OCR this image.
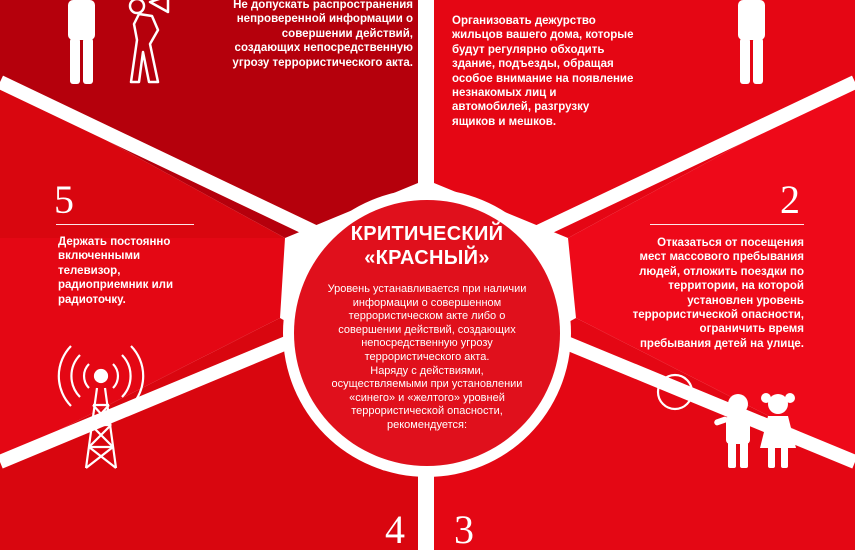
Не допускать распространения
непроверенной информации о
совершении действий,
создающих непосредственную
угрозу террористического акта.

Организовать дежурство
жильцов вашего дома, которые
будут регулярно обходить
здание, подъезды, обращая
особое внимание на появление
незнакомых лиц и
автомобилей, разгрузку
ящиков и мешков.

5

Держать постоянно
включенными
телевизор,
радиоприемник или
радиоточку.

2

Отказаться от посещения
мест массового пребывания
людей, отложить поездки по
территории, на которой
установлен уровень
террористической опасности,
ограничить время
пребывания детей на улице.

4 3

КРИТИЧЕСКИЙ
«КРАСНЫЙ»

Уровень устанавливается при наличии
информации о совершенном
террористическом акте либо о
совершении действий, создающих
непосредственную угрозу
террористического акта.
Наряду с действиями,
осуществляемыми при установлении
«синего» и «желтого» уровней
террористической опасности,
рекомендуется:
